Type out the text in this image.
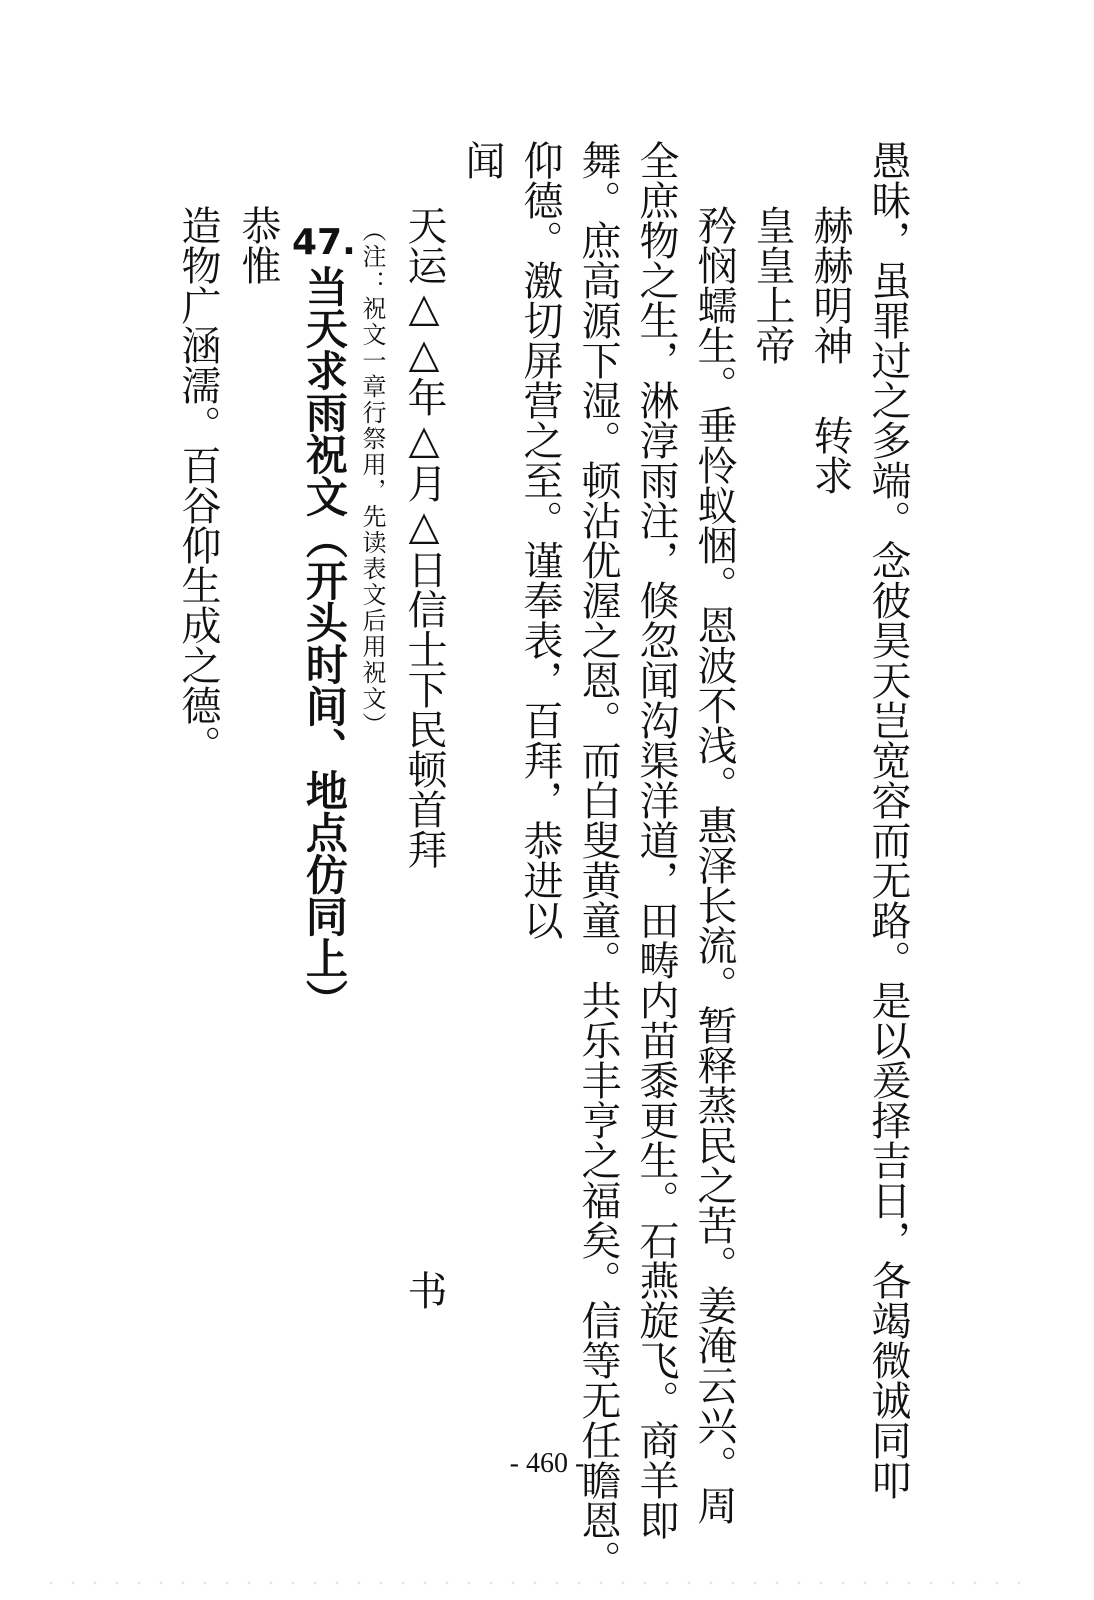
愚昧，虽罪过之多端。念彼昊天岂宽容而无路。是以爰择吉日，各竭微诚同叩
赫赫明神
转求
皇皇上帝
矜悯蠕生。垂怜蚁悃。恩波不浅。惠泽长流。暂释蒸民之苦。姜淹云兴。周
全庶物之生，淋淳雨注，倏忽闻沟渠洋道，田畴内苗黍更生。石燕旋飞。商羊即
舞。庶高源下湿。顿沾优渥之恩。而白叟黄童。共乐丰亨之福矣。信等无任瞻恩。
仰德。激切屏营之至。谨奉表，百拜，恭进以
闻
天运△△年△月△日信士下民顿首拜
书
（注：祝文一章行祭用，先读表文后用祝文）
47.当天求雨祝文（开头时间、地点仿同上）
恭惟
造物广涵濡。百谷仰生成之德。
- 460 -
